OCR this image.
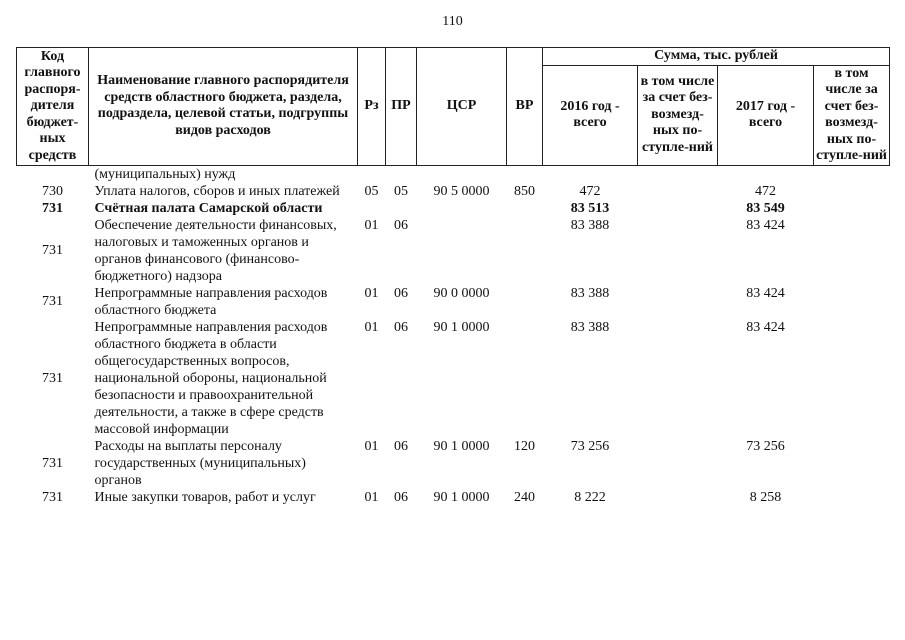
110
Код главного распоря-дителя бюджет-ных средств	Наименование главного распорядителя средств областного бюджета, раздела, подраздела, целевой статьи, подгруппы видов расходов	Рз	ПР	ЦСР	ВР	Сумма, тыс. рублей			
						2016 год - всего	в том числе за счет без-возмезд-ных по-ступле-ний	2017 год - всего	в том числе за счет без-возмезд-ных по-ступле-ний
	(муниципальных) нужд								
730	Уплата налогов, сборов и иных платежей	05	05	90 5 0000	850	472		472	
731	Счётная палата Самарской области					83 513		83 549	
731	Обеспечение деятельности финансовых, налоговых и таможенных органов и органов финансового (финансово-бюджетного) надзора	01	06			83 388		83 424	
731	Непрограммные направления расходов областного бюджета	01	06	90 0 0000		83 388		83 424	
731	Непрограммные направления расходов областного бюджета в области общегосударственных вопросов, национальной обороны, национальной безопасности и правоохранительной деятельности, а также в сфере средств массовой информации	01	06	90 1 0000		83 388		83 424	
731	Расходы на выплаты персоналу государственных (муниципальных) органов	01	06	90 1 0000	120	73 256		73 256	
731	Иные закупки товаров, работ и услуг	01	06	90 1 0000	240	8 222		8 258	
